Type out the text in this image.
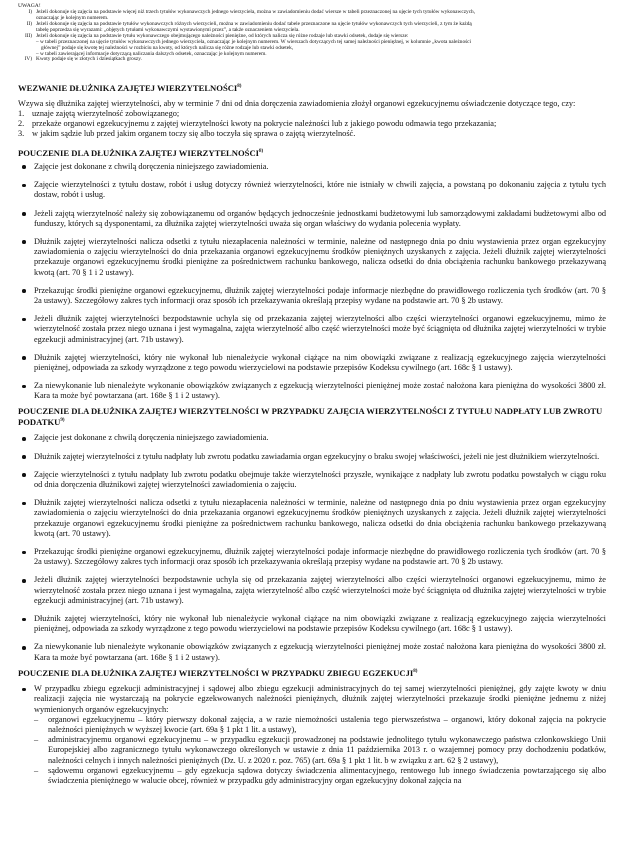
UWAGA!
I) Jeżeli dokonuje się zajęcia na podstawie więcej niż trzech tytułów wykonawczych jednego wierzyciela, można w zawiadomieniu dodać wiersze w tabeli przeznaczonej na ujęcie tych tytułów wykonawczych,
oznaczając je kolejnym numerem.
II) Jeżeli dokonuje się zajęcia na podstawie tytułów wykonawczych różnych wierzycieli, można w zawiadomieniu dodać tabele przeznaczone na ujęcie tytułów wykonawczych tych wierzycieli, z tym że każdą
tabelę poprzedza się wyrazami: „objętych tytułami wykonawczymi wystawionymi przez”, a także oznaczeniem wierzyciela.
III) Jeżeli dokonuje się zajęcia na podstawie tytułu wykonawczego obejmującego należności pieniężne, od których nalicza się różne rodzaje lub stawki odsetek, dodaje się wiersze:
– w tabeli przeznaczonej na ujęcie tytułów wykonawczych jednego wierzyciela, oznaczając je kolejnym numerem. W wierszach dotyczących tej samej należności pieniężnej, w kolumnie „kwota należności
głównej” podaje się kwotę tej należności w rozbiciu na kwoty, od których nalicza się różne rodzaje lub stawki odsetek,
– w tabeli zawierającej informacje dotyczącą naliczania dalszych odsetek, oznaczając je kolejnym numerem.
IV) Kwoty podaje się w złotych i dziesiątkach groszy.
WEZWANIE DŁUŻNIKA ZAJĘTEJ WIERZYTELNOŚCI$^{8)}$
Wzywa się dłużnika zajętej wierzytelności, aby w terminie 7 dni od dnia doręczenia zawiadomienia złożył organowi egzekucyjnemu oświadczenie dotyczące tego, czy:
1. uznaje zajętą wierzytelność zobowiązanego;
2. przekaże organowi egzekucyjnemu z zajętej wierzytelności kwoty na pokrycie należności lub z jakiego powodu odmawia tego przekazania;
3. w jakim sądzie lub przed jakim organem toczy się albo toczyła się sprawa o zajętą wierzytelność.
POUCZENIE DLA DŁUŻNIKA ZAJĘTEJ WIERZYTELNOŚCI$^{8)}$
Zajęcie jest dokonane z chwilą doręczenia niniejszego zawiadomienia.
Zajęcie wierzytelności z tytułu dostaw, robót i usług dotyczy również wierzytelności, które nie istniały w chwili zajęcia, a powstaną po dokonaniu zajęcia z tytułu tych dostaw, robót i usług.
Jeżeli zajętą wierzytelność należy się zobowiązanemu od organów będących jednocześnie jednostkami budżetowymi lub samorządowymi zakładami budżetowymi albo od funduszy, których są dysponentami, za dłużnika zajętej wierzytelności uważa się organ właściwy do wydania polecenia wypłaty.
Dłużnik zajętej wierzytelności nalicza odsetki z tytułu niezapłacenia należności w terminie, należne od następnego dnia po dniu wystawienia przez organ egzekucyjny zawiadomienia o zajęciu wierzytelności do dnia przekazania organowi egzekucyjnemu środków pieniężnych uzyskanych z zajęcia. Jeżeli dłużnik zajętej wierzytelności przekazuje organowi egzekucyjnemu środki pieniężne za pośrednictwem rachunku bankowego, nalicza odsetki do dnia obciążenia rachunku bankowego przekazywaną kwotą (art. 70 § 1 i 2 ustawy).
Przekazując środki pieniężne organowi egzekucyjnemu, dłużnik zajętej wierzytelności podaje informacje niezbędne do prawidłowego rozliczenia tych środków (art. 70 § 2a ustawy). Szczegółowy zakres tych informacji oraz sposób ich przekazywania określają przepisy wydane na podstawie art. 70 § 2b ustawy.
Jeżeli dłużnik zajętej wierzytelności bezpodstawnie uchyla się od przekazania zajętej wierzytelności albo części wierzytelności organowi egzekucyjnemu, mimo że wierzytelność została przez niego uznana i jest wymagalna, zajęta wierzytelność albo część wierzytelności może być ściągnięta od dłużnika zajętej wierzytelności w trybie egzekucji administracyjnej (art. 71b ustawy).
Dłużnik zajętej wierzytelności, który nie wykonał lub nienależycie wykonał ciążące na nim obowiązki związane z realizacją egzekucyjnego zajęcia wierzytelności pieniężnej, odpowiada za szkody wyrządzone z tego powodu wierzycielowi na podstawie przepisów Kodeksu cywilnego (art. 168c § 1 ustawy).
Za niewykonanie lub nienależyte wykonanie obowiązków związanych z egzekucją wierzytelności pieniężnej może zostać nałożona kara pieniężna do wysokości 3800 zł. Kara ta może być powtarzana (art. 168e § 1 i 2 ustawy).
POUCZENIE DLA DŁUŻNIKA ZAJĘTEJ WIERZYTELNOŚCI W PRZYPADKU ZAJĘCIA WIERZYTELNOŚCI Z TYTUŁU NADPŁATY LUB ZWROTU PODATKU$^{9)}$
Zajęcie jest dokonane z chwilą doręczenia niniejszego zawiadomienia.
Dłużnik zajętej wierzytelności z tytułu nadpłaty lub zwrotu podatku zawiadamia organ egzekucyjny o braku swojej właściwości, jeżeli nie jest dłużnikiem wierzytelności.
Zajęcie wierzytelności z tytułu nadpłaty lub zwrotu podatku obejmuje także wierzytelności przyszłe, wynikające z nadpłaty lub zwrotu podatku powstałych w ciągu roku od dnia doręczenia dłużnikowi zajętej wierzytelności zawiadomienia o zajęciu.
Dłużnik zajętej wierzytelności nalicza odsetki z tytułu niezapłacenia należności w terminie, należne od następnego dnia po dniu wystawienia przez organ egzekucyjny zawiadomienia o zajęciu wierzytelności do dnia przekazania organowi egzekucyjnemu środków pieniężnych uzyskanych z zajęcia. Jeżeli dłużnik zajętej wierzytelności przekazuje organowi egzekucyjnemu środki pieniężne za pośrednictwem rachunku bankowego, nalicza odsetki do dnia obciążenia rachunku bankowego przekazywaną kwotą (art. 70 ustawy).
Przekazując środki pieniężne organowi egzekucyjnemu, dłużnik zajętej wierzytelności podaje informacje niezbędne do prawidłowego rozliczenia tych środków (art. 70 § 2a ustawy). Szczegółowy zakres tych informacji oraz sposób ich przekazywania określają przepisy wydane na podstawie art. 70 § 2b ustawy.
Jeżeli dłużnik zajętej wierzytelności bezpodstawnie uchyla się od przekazania zajętej wierzytelności albo części wierzytelności organowi egzekucyjnemu, mimo że wierzytelność została przez niego uznana i jest wymagalna, zajęta wierzytelność albo część wierzytelności może być ściągnięta od dłużnika zajętej wierzytelności w trybie egzekucji administracyjnej (art. 71b ustawy).
Dłużnik zajętej wierzytelności, który nie wykonał lub nienależycie wykonał ciążące na nim obowiązki związane z realizacją egzekucyjnego zajęcia wierzytelności pieniężnej, odpowiada za szkody wyrządzone z tego powodu wierzycielowi na podstawie przepisów Kodeksu cywilnego (art. 168c § 1 ustawy).
Za niewykonanie lub nienależyte wykonanie obowiązków związanych z egzekucją wierzytelności pieniężnej może zostać nałożona kara pieniężna do wysokości 3800 zł. Kara ta może być powtarzana (art. 168e § 1 i 2 ustawy).
POUCZENIE DLA DŁUŻNIKA ZAJĘTEJ WIERZYTELNOŚCI W PRZYPADKU ZBIEGU EGZEKUCJI$^{8)}$
W przypadku zbiegu egzekucji administracyjnej i sądowej albo zbiegu egzekucji administracyjnych do tej samej wierzytelności pieniężnej, gdy zajęte kwoty w dniu realizacji zajęcia nie wystarczają na pokrycie egzekwowanych należności pieniężnych, dłużnik zajętej wierzytelności przekazuje środki pieniężne jednemu z niżej wymienionych organów egzekucyjnych:
–	organowi egzekucyjnemu – który pierwszy dokonał zajęcia, a w razie niemożności ustalenia tego pierwszeństwa – organowi, który dokonał zajęcia na pokrycie należności pieniężnych w wyższej kwocie (art. 69a § 1 pkt 1 lit. a ustawy),
–	administracyjnemu organowi egzekucyjnemu – w przypadku egzekucji prowadzonej na podstawie jednolitego tytułu wykonawczego państwa członkowskiego Unii Europejskiej albo zagranicznego tytułu wykonawczego określonych w ustawie z dnia 11 października 2013 r. o wzajemnej pomocy przy dochodzeniu podatków, należności celnych i innych należności pieniężnych (Dz. U. z 2020 r. poz. 765) (art. 69a § 1 pkt 1 lit. b w związku z art. 62 § 2 ustawy),
–	sądowemu organowi egzekucyjnemu – gdy egzekucja sądowa dotyczy świadczenia alimentacyjnego, rentowego lub innego świadczenia powtarzającego się albo świadczenia pieniężnego w walucie obcej, również w przypadku gdy administracyjny organ egzekucyjny dokonał zajęcia na
